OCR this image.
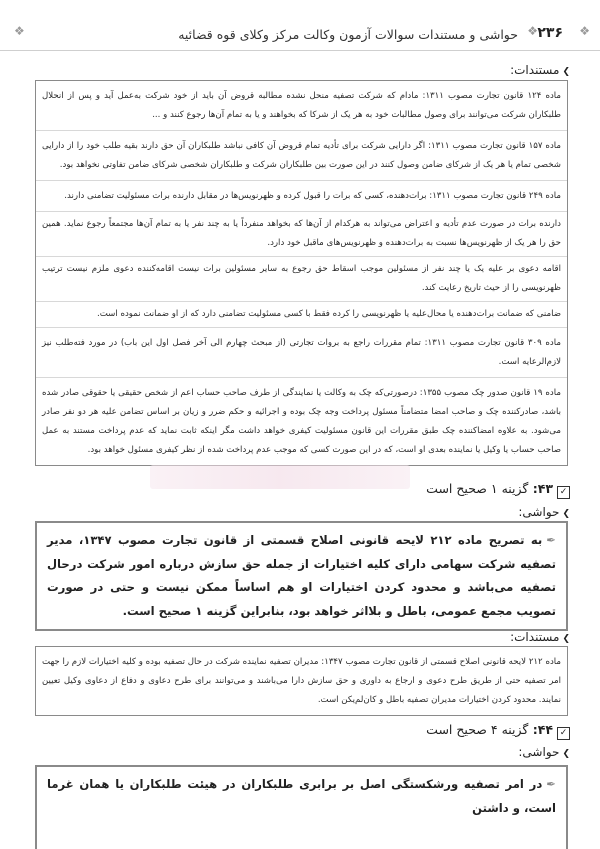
❖
۲۳۶
❖
حواشی و مستندات سوالات آزمون وکالت مرکز وکلای قوه قضائیه
❖
❯مستندات:

ماده ۱۲۴ قانون تجارت مصوب ۱۳۱۱: مادام که شرکت تصفیه منحل نشده مطالبه قروض آن باید از خود شرکت به‌عمل آید و پس از انحلال طلبکاران شرکت می‌توانند برای وصول مطالبات خود به هر یک از شرکا که بخواهند و یا به تمام آن‌ها رجوع کنند و ...

ماده ۱۵۷ قانون تجارت مصوب ۱۳۱۱: اگر دارایی شرکت برای تأدیه تمام قروض آن کافی نباشد طلبکاران آن حق دارند بقیه طلب خود را از دارایی شخصی تمام یا هر یک از شرکای ضامن وصول کنند در این صورت بین طلبکاران شرکت و طلبکاران شخصی شرکای ضامن تفاوتی نخواهد بود.

ماده ۲۴۹ قانون تجارت مصوب ۱۳۱۱: برات‌دهنده، کسی که برات را قبول کرده و ظهرنویس‌ها در مقابل دارنده برات مسئولیت تضامنی دارند.

دارنده برات در صورت عدم تأدیه و اعتراض می‌تواند به هرکدام از آن‌ها که بخواهد منفرداً یا به چند نفر یا به تمام آن‌ها مجتمعاً رجوع نماید. همین حق را هر یک از ظهرنویس‌ها نسبت به برات‌دهنده و ظهرنویس‌های ماقبل خود دارد.

اقامه دعوی بر علیه یک یا چند نفر از مسئولین موجب اسقاط حق رجوع به سایر مسئولین برات نیست اقامه‌کننده دعوی ملزم نیست ترتیب ظهرنویسی را از حیث تاریخ رعایت کند.

ضامنی که ضمانت برات‌دهنده یا محال‌علیه یا ظهرنویسی را کرده فقط با کسی مسئولیت تضامنی دارد که از او ضمانت نموده است.

ماده ۳۰۹ قانون تجارت مصوب ۱۳۱۱: تمام مقررات راجع به بروات تجارتی (از مبحث چهارم الی آخر فصل اول این باب) در مورد فته‌طلب نیز لازم‌الرعایه است.

ماده ۱۹ قانون صدور چک مصوب ۱۳۵۵: درصورتی‌که چک به وکالت یا نمایندگی از طرف صاحب حساب اعم از شخص حقیقی یا حقوقی صادر شده باشد، صادرکننده چک و صاحب امضا متضامناً مسئول پرداخت وجه چک بوده و اجرائیه و حکم ضرر و زیان بر اساس تضامن علیه هر دو نفر صادر می‌شود. به علاوه امضاکننده چک طبق مقررات این قانون مسئولیت کیفری خواهد داشت مگر اینکه ثابت نماید که عدم پرداخت مستند به عمل صاحب حساب یا وکیل یا نماینده بعدی او است، که در این صورت کسی که موجب عدم پرداخت شده از نظر کیفری مسئول خواهد بود.

✓۴۳: گزینه ۱ صحیح است
❯حواشی:

✒به تصریح ماده ۲۱۲ لایحه قانونی اصلاح قسمتی از قانون تجارت مصوب ۱۳۴۷، مدیر تصفیه شرکت سهامی دارای کلیه اختیارات از جمله حق سازش درباره امور شرکت درحال تصفیه می‌باشد و محدود کردن اختیارات او هم اساساً ممکن نیست و حتی در صورت تصویب مجمع عمومی، باطل و بلااثر خواهد بود، بنابراین گزینه ۱ صحیح است.

❯مستندات:

ماده ۲۱۲ لایحه قانونی اصلاح قسمتی از قانون تجارت مصوب ۱۳۴۷: مدیران تصفیه نماینده شرکت در حال تصفیه بوده و کلیه اختیارات لازم را جهت امر تصفیه حتی از طریق طرح دعوی و ارجاع به داوری و حق سازش دارا می‌باشند و می‌توانند برای طرح دعاوی و دفاع از دعاوی وکیل تعیین نمایند. محدود کردن اختیارات مدیران تصفیه باطل و کان‌لم‌یکن است.

✓۴۴: گزینه ۴ صحیح است
❯حواشی:

✒در امر تصفیه ورشکستگی اصل بر برابری طلبکاران در هیئت طلبکاران یا همان غرما است، و داشتن
